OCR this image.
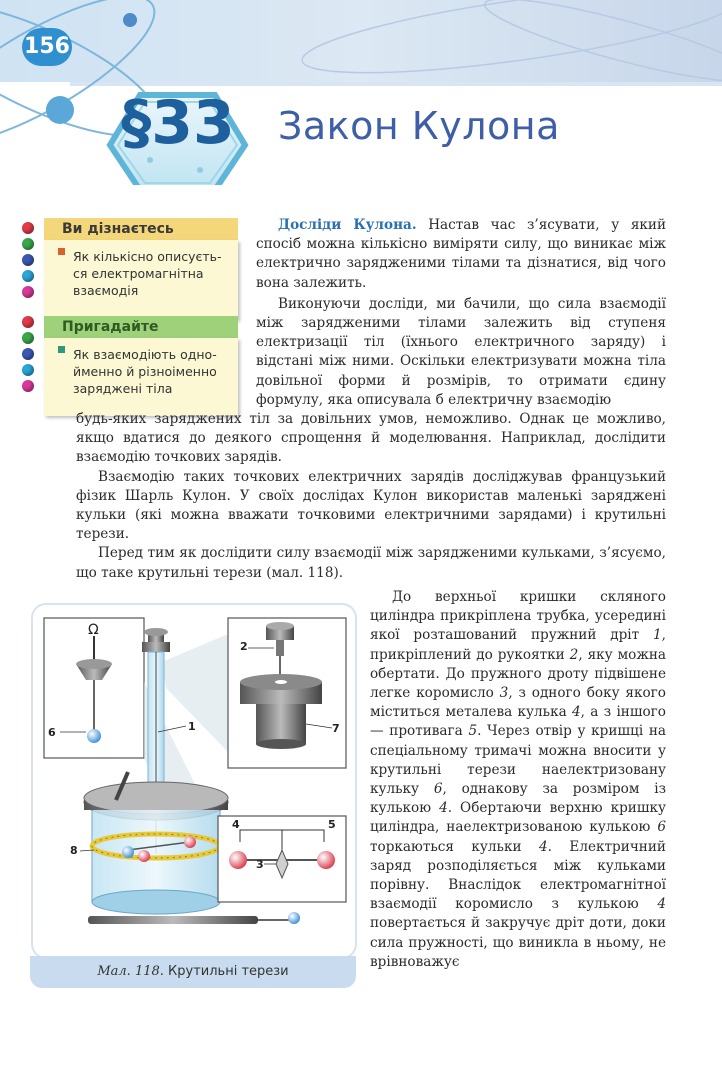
156
§33	Закон Кулона
Ви дізнаєтесь
Як кількісно описуєть-ся електромагнітна взаємодія
Пригадайте
Як взаємодіють одно-йменно й різноіменно заряджені тіла

Досліди Кулона. Настав час з’ясувати, у який спосіб можна кількісно виміряти силу, що виникає між електрично зарядженими тілами та дізнатися, від чого вона залежить.

Виконуючи досліди, ми бачили, що сила взаємодії між зарядженими тілами залежить від ступеня електризації тіл (їхнього електричного заряду) і відстані між ними. Оскільки електризувати можна тіла довільної форми й розмірів, то отримати єдину формулу, яка описувала б електричну взаємодію

будь-яких заряджених тіл за довільних умов, неможливо. Однак це можливо, якщо вдатися до деякого спрощення й моделювання. Наприклад, дослідити взаємодію точкових зарядів.

Взаємодію таких точкових електричних зарядів досліджував французький фізик Шарль Кулон. У своїх дослідах Кулон використав маленькі заряджені кульки (які можна вважати точковими електричними зарядами) і крутильні терези.

Перед тим як дослідити силу взаємодії між зарядженими кульками, з’ясуємо, що таке крутильні терези (мал. 118).

До верхньої кришки скляного циліндра прикріплена трубка, усередині якої розташований пружний дріт 1, прикріплений до рукоятки 2, яку можна обертати. До пружного дроту підвішене легке коромисло 3, з одного боку якого міститься металева кулька 4, а з іншого — противага 5. Через отвір у кришці на спеціальному тримачі можна вносити у крутильні терези наелектризовану кульку 6, однакову за розміром із кулькою 4. Обертаючи верхню кришку циліндра, наелектризованою кулькою 6 торкаються кульки 4. Електричний заряд розподіляється між кульками порівну. Внаслідок електромагнітної взаємодії коромисло з кулькою 4 повертається й закручує дріт доти, доки сила пружності, що виникла в ньому, не врівноважує

Ω
6
2
7
1
8
4	5
3
Мал. 118. Крутильні терези
